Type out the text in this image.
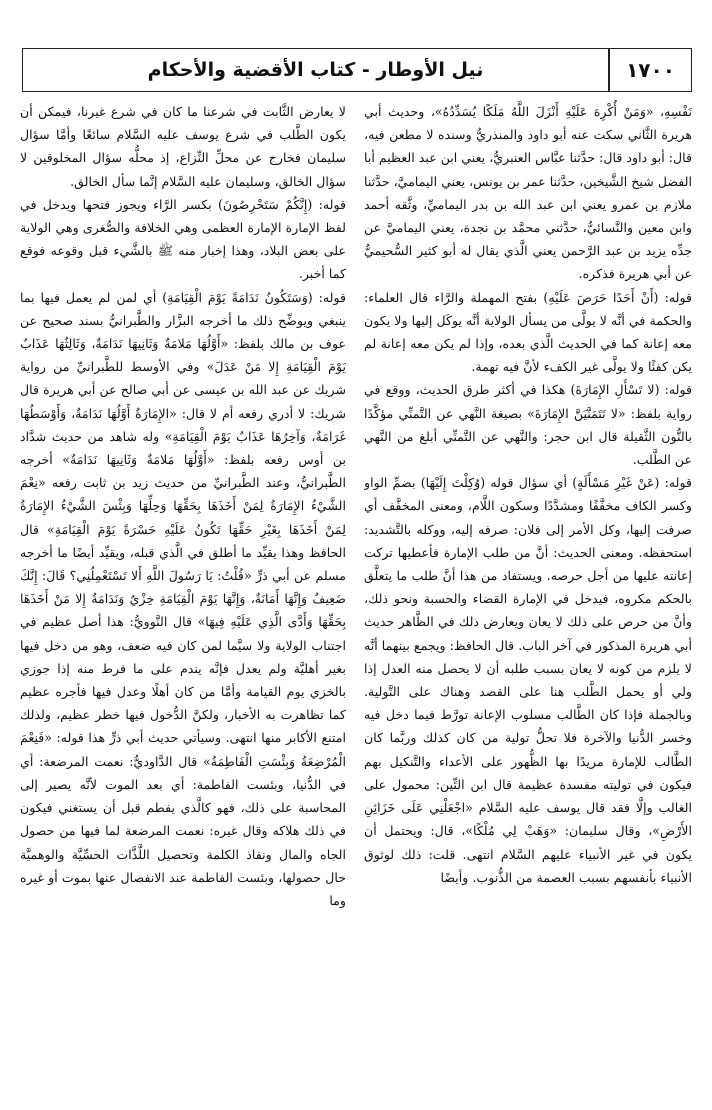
١٧٠٠
نيل الأوطار - كتاب الأقضية والأحكام

نَفْسِهِ، «وَمَنْ أُكْرِهَ عَلَيْهِ أَنْزَلَ اللَّهُ مَلَكًا يُسَدِّدُهُ»، وحديث أبي هريرة الثَّاني سكت عنه أبو داود والمنذريُّ وسنده لا مطعن فيه، قال: أبو داود قال: حدَّثنا عبَّاس العنبريُّ، يعني ابن عبد العظيم أبا الفضل شيخ الشَّيخين، حدَّثنا عمر بن يونس، يعني اليماميَّ، حدَّثنا ملازم بن عمرو يعني ابن عبد الله بن بدر اليماميِّ، وثَّقه أحمد وابن معين والنَّسائيُّ، حدَّثني محمَّد بن نجدة، يعني اليماميَّ عن جدِّه يزيد بن عبد الرَّحمن يعني الَّذي يقال له أبو كثير السُّحيميُّ عن أبي هريرة فذكره.

قوله: (أَنْ أَحَدًا حَرَصَ عَلَيْهِ) بفتح المهملة والرَّاء قال العلماء: والحكمة في أنَّه لا يولَّى من يسأل الولاية أنَّه يوكَل إليها ولا يكون معه إعانة كما في الحديث الَّذي بعده، وإذا لم يكن معه إعانة لم يكن كفئًا ولا يولَّى غير الكفء لأنَّ فيه تهمة.

قوله: (لا تَسْأَلِ الإِمَارَةَ) هكذا في أكثر طرق الحديث، ووقع في رواية بلفظ: «لا تَتَمَنَّيَنَّ الإِمَارَةَ» بصيغة النَّهي عن التَّمنِّي مؤكَّدًا بالنُّون الثَّقيلة قال ابن حجر: والنَّهي عن التَّمنِّي أبلغ من النَّهي عن الطَّلب.

قوله: (عَنْ غَيْرِ مَسْأَلَةٍ) أي سؤال قوله (وُكِلْتَ إِلَيْهَا) بضمِّ الواو وكسر الكاف مخفَّفًا ومشدَّدًا وسكون اللَّام، ومعنى المخفَّف أي صرفت إليها، وكل الأمر إلى فلان: صرفه إليه، ووكله بالتَّشديد: استحفظه. ومعنى الحديث: أنَّ من طلب الإمارة فأعطيها تركت إعانته عليها من أجل حرصه. ويستفاد من هذا أنَّ طلب ما يتعلَّق بالحكم مكروه، فيدخل في الإمارة القضاء والحسبة ونحو ذلك، وأنَّ من حرص على ذلك لا يعان ويعارض ذلك في الظَّاهر حديث أبي هريرة المذكور في آخر الباب. قال الحافظ: ويجمع بينهما أنَّه لا يلزم من كونه لا يعان بسبب طلبه أن لا يحصل منه العدل إذا ولي أو يحمل الطَّلب هنا على القصد وهناك على التَّولية. وبالجملة فإذا كان الطَّالب مسلوب الإعانة تورَّط فيما دخل فيه وخسر الدُّنيا والآخرة فلا تحلُّ تولية من كان كذلك وربَّما كان الطَّالب للإمارة مريدًا بها الظُّهور على الأعداء والتَّنكيل بهم فيكون في توليته مفسدة عظيمة قال ابن التِّين: محمول على الغالب وإلَّا فقد قال يوسف عليه السَّلام «اجْعَلْنِي عَلَى خَزَائِنِ الأَرْضِ»، وقال سليمان: «وَهَبْ لِي مُلْكًا»، قال: ويحتمل أن يكون في غير الأنبياء عليهم السَّلام انتهى. قلت: ذلك لوثوق الأنبياء بأنفسهم بسبب العصمة من الذُّنوب. وأيضًا

لا يعارض الثَّابت في شرعنا ما كان في شرع غيرنا، فيمكن أن يكون الطَّلب في شرع يوسف عليه السَّلام سائغًا وأمَّا سؤال سليمان فخارج عن محلِّ النِّزاع، إذ محلُّه سؤال المخلوقين لا سؤال الخالق، وسليمان عليه السَّلام إنَّما سأل الخالق.

قوله: (إِنَّكُمْ سَتَحْرِصُونَ) بكسر الرَّاء ويجوز فتحها ويدخل في لفظ الإمارة الإمارة العظمى وهي الخلافة والصُّغرى وهي الولاية على بعض البلاد، وهذا إخبار منه ﷺ بالشَّيء قبل وقوعه فوقع كما أخبر.

قوله: (وَسَتَكُونُ نَدَامَةً يَوْمَ الْقِيَامَةِ) أي لمن لم يعمل فيها بما ينبغي ويوضِّح ذلك ما أخرجه البزَّار والطَّبرانيُّ بسند صحيح عن عوف بن مالك بلفظ: «أَوَّلُهَا مَلامَةٌ وَثَانِيهَا نَدَامَةٌ، وَثَالِثُهَا عَذَابٌ يَوْمَ الْقِيَامَةِ إِلا مَنْ عَدَلَ» وفي الأوسط للطَّبرانيِّ من رواية شريك عن عبد الله بن عيسى عن أبي صالح عن أبي هريرة قال شريك: لا أدري رفعه أم لا قال: «الإِمَارَةُ أَوَّلُهَا نَدَامَةٌ، وَأَوْسَطُهَا غَرَامَةٌ، وَآخِرُهَا عَذَابٌ يَوْمَ الْقِيَامَةِ» وله شاهد من حديث شدَّاد بن أوس رفعه بلفظ: «أَوَّلُهَا مَلامَةٌ وَثَانِيهَا نَدَامَةٌ» أخرجه الطَّبرانيُّ، وعند الطَّبرانيِّ من حديث زيد بن ثابت رفعه «نِعْمَ الشَّيْءُ الإِمَارَةُ لِمَنْ أَخَذَهَا بِحَقِّهَا وَحِلِّهَا وَبِئْسَ الشَّيْءُ الإِمَارَةُ لِمَنْ أَخَذَهَا بِغَيْرِ حَقِّهَا تَكُونُ عَلَيْهِ حَسْرَةً يَوْمَ الْقِيَامَةِ» قال الحافظ وهذا يقيِّد ما أطلق في الَّذي قبله، ويقيِّد أيضًا ما أخرجه مسلم عن أبي ذرٍّ «قُلْتُ: يَا رَسُولَ اللَّهِ أَلا تَسْتَعْمِلُنِي؟ قَالَ: إِنَّكَ ضَعِيفٌ وَإِنَّهَا أَمَانَةٌ، وَإِنَّهَا يَوْمَ الْقِيَامَةِ خِزْيٌ وَنَدَامَةٌ إِلا مَنْ أَخَذَهَا بِحَقِّهَا وَأَدَّى الَّذِي عَلَيْهِ فِيهَا» قال النَّوويُّ: هذا أصل عظيم في اجتناب الولاية ولا سيَّما لمن كان فيه ضعف، وهو من دخل فيها بغير أهليَّة ولم يعدل فإنَّه يندم على ما فرط منه إذا جوزي بالخزي يوم القيامة وأمَّا من كان أهلًا وعدل فيها فأجره عظيم كما تظاهرت به الأخبار، ولكنَّ الدُّخول فيها خطر عظيم، ولذلك امتنع الأكابر منها انتهى. وسيأتي حديث أبي ذرٍّ هذا قوله: «فَنِعْمَ الْمُرْضِعَةُ وَبِئْسَتِ الْفَاطِمَةُ» قال الدَّاوديُّ: نعمت المرضعة: أي في الدُّنيا، وبئست الفاطمة: أي بعد الموت لأنَّه يصير إلى المحاسبة على ذلك، فهو كالَّذي يفطم قبل أن يستغني فيكون في ذلك هلاكه وقال غيره: نعمت المرضعة لما فيها من حصول الجاه والمال ونفاذ الكلمة وتحصيل اللَّذَّات الحسِّيَّة والوهميَّة حال حصولها، وبئست الفاطمة عند الانفصال عنها بموت أو غيره وما
